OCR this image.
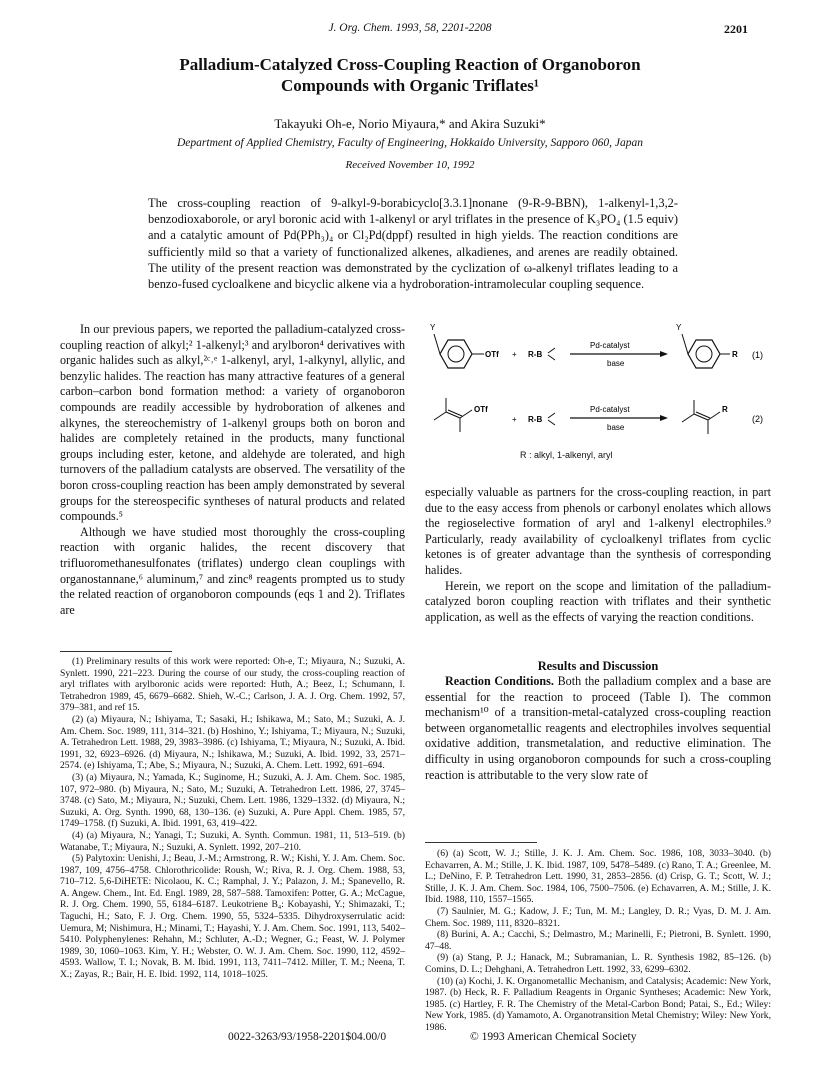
J. Org. Chem. 1993, 58, 2201-2208	2201
Palladium-Catalyzed Cross-Coupling Reaction of Organoboron
Compounds with Organic Triflates¹
Takayuki Oh-e, Norio Miyaura,* and Akira Suzuki*
Department of Applied Chemistry, Faculty of Engineering, Hokkaido University, Sapporo 060, Japan
Received November 10, 1992
The cross-coupling reaction of 9-alkyl-9-borabicyclo[3.3.1]nonane (9-R-9-BBN), 1-alkenyl-1,3,2-benzodioxaborole, or aryl boronic acid with 1-alkenyl or aryl triflates in the presence of K₃PO₄ (1.5 equiv) and a catalytic amount of Pd(PPh₃)₄ or Cl₂Pd(dppf) resulted in high yields. The reaction conditions are sufficiently mild so that a variety of functionalized alkenes, alkadienes, and arenes are readily obtained. The utility of the present reaction was demonstrated by the cyclization of ω-alkenyl triflates leading to a benzo-fused cycloalkene and bicyclic alkene via a hydroboration-intramolecular coupling sequence.

In our previous papers, we reported the palladium-catalyzed cross-coupling reaction of alkyl;² 1-alkenyl;³ and arylboron⁴ derivatives with organic halides such as alkyl,²ᶜ˒ᵉ 1-alkenyl, aryl, 1-alkynyl, allylic, and benzylic halides. The reaction has many attractive features of a general carbon–carbon bond formation method: a variety of organoboron compounds are readily accessible by hydroboration of alkenes and alkynes, the stereochemistry of 1-alkenyl groups both on boron and halides are completely retained in the products, many functional groups including ester, ketone, and aldehyde are tolerated, and high turnovers of the palladium catalysts are observed. The versatility of the boron cross-coupling reaction has been amply demonstrated by several groups for the stereospecific syntheses of natural products and related compounds.⁵

Although we have studied most thoroughly the cross-coupling reaction with organic halides, the recent discovery that trifluoromethanesulfonates (triflates) undergo clean couplings with organostannane,⁶ aluminum,⁷ and zinc⁸ reagents prompted us to study the related reaction of organoboron compounds (eqs 1 and 2). Triflates are

Y
OTf + R-B
Pd-catalyst
base
Y
R (1)
OTf
+ R-B
Pd-catalyst
base
R
(2)
R : alkyl, 1-alkenyl, aryl

especially valuable as partners for the cross-coupling reaction, in part due to the easy access from phenols or carbonyl enolates which allows the regioselective formation of aryl and 1-alkenyl electrophiles.⁹ Particularly, ready availability of cycloalkenyl triflates from cyclic ketones is of greater advantage than the synthesis of corresponding halides.

Herein, we report on the scope and limitation of the palladium-catalyzed boron coupling reaction with triflates and their synthetic application, as well as the effects of varying the reaction conditions.

Results and Discussion

Reaction Conditions. Both the palladium complex and a base are essential for the reaction to proceed (Table I). The common mechanism¹⁰ of a transition-metal-catalyzed cross-coupling reaction between organometallic reagents and electrophiles involves sequential oxidative addition, transmetalation, and reductive elimination. The difficulty in using organoboron compounds for such a cross-coupling reaction is attributable to the very slow rate of

(1) Preliminary results of this work were reported: Oh-e, T.; Miyaura, N.; Suzuki, A. Synlett. 1990, 221–223. During the course of our study, the cross-coupling reaction of aryl triflates with arylboronic acids were reported: Huth, A.; Beez, I.; Schumann, I. Tetrahedron 1989, 45, 6679–6682. Shieh, W.-C.; Carlson, J. A. J. Org. Chem. 1992, 57, 379–381, and ref 15.

(2) (a) Miyaura, N.; Ishiyama, T.; Sasaki, H.; Ishikawa, M.; Sato, M.; Suzuki, A. J. Am. Chem. Soc. 1989, 111, 314–321. (b) Hoshino, Y.; Ishiyama, T.; Miyaura, N.; Suzuki, A. Tetrahedron Lett. 1988, 29, 3983–3986. (c) Ishiyama, T.; Miyaura, N.; Suzuki, A. Ibid. 1991, 32, 6923–6926. (d) Miyaura, N.; Ishikawa, M.; Suzuki, A. Ibid. 1992, 33, 2571–2574. (e) Ishiyama, T.; Abe, S.; Miyaura, N.; Suzuki, A. Chem. Lett. 1992, 691–694.

(3) (a) Miyaura, N.; Yamada, K.; Suginome, H.; Suzuki, A. J. Am. Chem. Soc. 1985, 107, 972–980. (b) Miyaura, N.; Sato, M.; Suzuki, A. Tetrahedron Lett. 1986, 27, 3745–3748. (c) Sato, M.; Miyaura, N.; Suzuki, Chem. Lett. 1986, 1329–1332. (d) Miyaura, N.; Suzuki, A. Org. Synth. 1990, 68, 130–136. (e) Suzuki, A. Pure Appl. Chem. 1985, 57, 1749–1758. (f) Suzuki, A. Ibid. 1991, 63, 419–422.

(4) (a) Miyaura, N.; Yanagi, T.; Suzuki, A. Synth. Commun. 1981, 11, 513–519. (b) Watanabe, T.; Miyaura, N.; Suzuki, A. Synlett. 1992, 207–210.

(5) Palytoxin: Uenishi, J.; Beau, J.-M.; Armstrong, R. W.; Kishi, Y. J. Am. Chem. Soc. 1987, 109, 4756–4758. Chlorothricolide: Roush, W.; Riva, R. J. Org. Chem. 1988, 53, 710–712. 5,6-DiHETE: Nicolaou, K. C.; Ramphal, J. Y.; Palazon, J. M.; Spanevello, R. A. Angew. Chem., Int. Ed. Engl. 1989, 28, 587–588. Tamoxifen: Potter, G. A.; McCague, R. J. Org. Chem. 1990, 55, 6184–6187. Leukotriene B₄: Kobayashi, Y.; Shimazaki, T.; Taguchi, H.; Sato, F. J. Org. Chem. 1990, 55, 5324–5335. Dihydroxyserrulatic acid: Uemura, M; Nishimura, H.; Minami, T.; Hayashi, Y. J. Am. Chem. Soc. 1991, 113, 5402–5410. Polyphenylenes: Rehahn, M.; Schluter, A.-D.; Wegner, G.; Feast, W. J. Polymer 1989, 30, 1060–1063. Kim, Y. H.; Webster, O. W. J. Am. Chem. Soc. 1990, 112, 4592–4593. Wallow, T. I.; Novak, B. M. Ibid. 1991, 113, 7411–7412. Miller, T. M.; Neena, T. X.; Zayas, R.; Bair, H. E. Ibid. 1992, 114, 1018–1025.

(6) (a) Scott, W. J.; Stille, J. K. J. Am. Chem. Soc. 1986, 108, 3033–3040. (b) Echavarren, A. M.; Stille, J. K. Ibid. 1987, 109, 5478–5489. (c) Rano, T. A.; Greenlee, M. L.; DeNino, F. P. Tetrahedron Lett. 1990, 31, 2853–2856. (d) Crisp, G. T.; Scott, W. J.; Stille, J. K. J. Am. Chem. Soc. 1984, 106, 7500–7506. (e) Echavarren, A. M.; Stille, J. K. Ibid. 1988, 110, 1557–1565.

(7) Saulnier, M. G.; Kadow, J. F.; Tun, M. M.; Langley, D. R.; Vyas, D. M. J. Am. Chem. Soc. 1989, 111, 8320–8321.

(8) Burini, A. A.; Cacchi, S.; Delmastro, M.; Marinelli, F.; Pietroni, B. Synlett. 1990, 47–48.

(9) (a) Stang, P. J.; Hanack, M.; Subramanian, L. R. Synthesis 1982, 85–126. (b) Comins, D. L.; Dehghani, A. Tetrahedron Lett. 1992, 33, 6299–6302.

(10) (a) Kochi, J. K. Organometallic Mechanism, and Catalysis; Academic: New York, 1987. (b) Heck, R. F. Palladium Reagents in Organic Syntheses; Academic: New York, 1985. (c) Hartley, F. R. The Chemistry of the Metal-Carbon Bond; Patai, S., Ed.; Wiley: New York, 1985. (d) Yamamoto, A. Organotransition Metal Chemistry; Wiley: New York, 1986.

0022-3263/93/1958-2201$04.00/0	© 1993 American Chemical Society
